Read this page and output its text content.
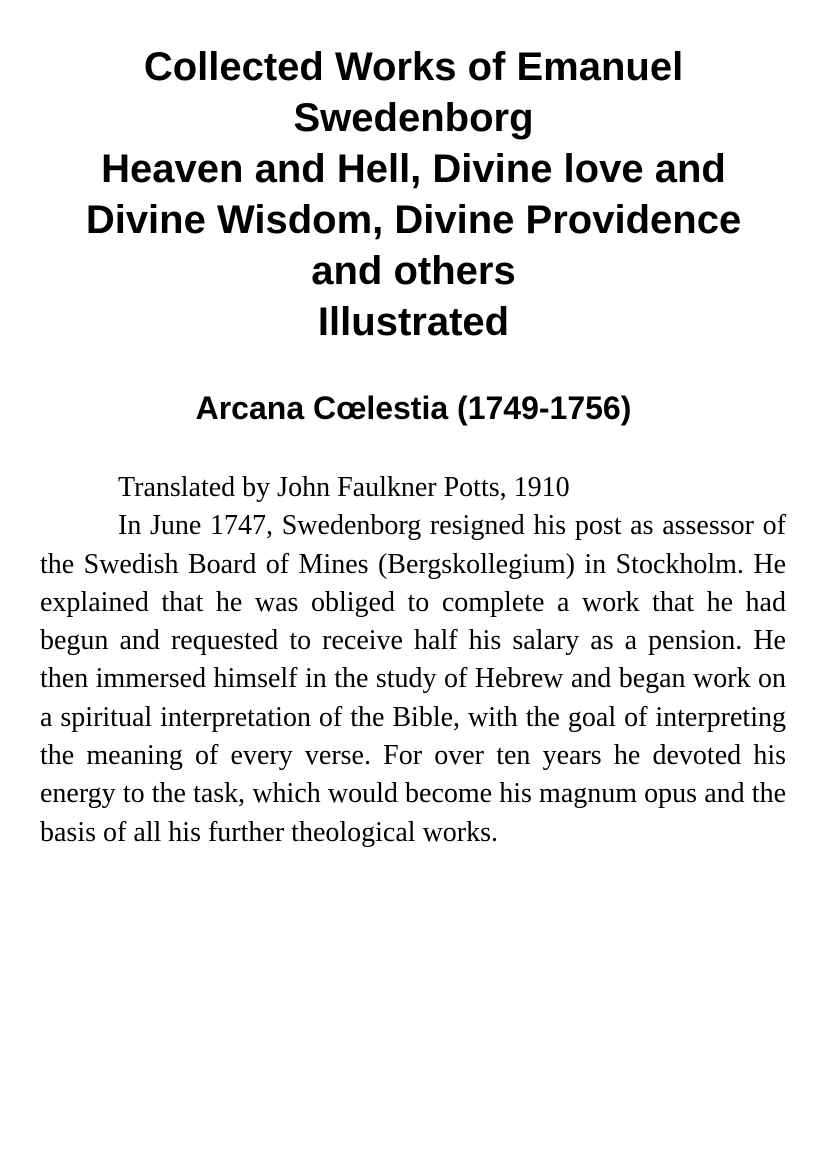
Collected Works of Emanuel
Swedenborg
Heaven and Hell, Divine love and
Divine Wisdom, Divine Providence
and others
Illustrated
Arcana Cœlestia (1749-1756)

Translated by John Faulkner Potts, 1910

In June 1747, Swedenborg resigned his post as assessor of the Swedish Board of Mines (Bergskollegium) in Stockholm. He explained that he was obliged to complete a work that he had begun and requested to receive half his salary as a pension. He then immersed himself in the study of Hebrew and began work on a spiritual interpretation of the Bible, with the goal of interpreting the meaning of every verse. For over ten years he devoted his energy to the task, which would become his magnum opus and the basis of all his further theological works.
